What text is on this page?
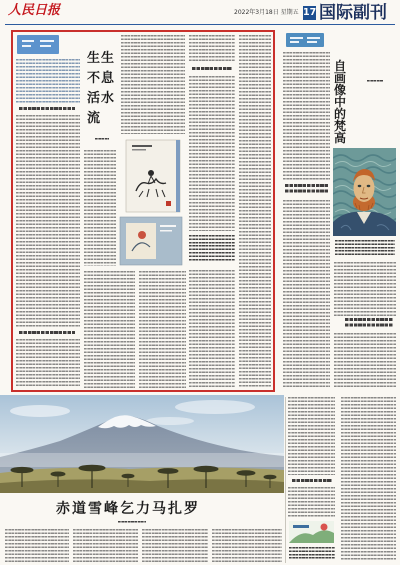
人民日报	2022年3月18日 星期五 17 国际副刊
生生不息活水流
自画像中的梵高
赤 道 雪 峰 乞 力 马 扎 罗
